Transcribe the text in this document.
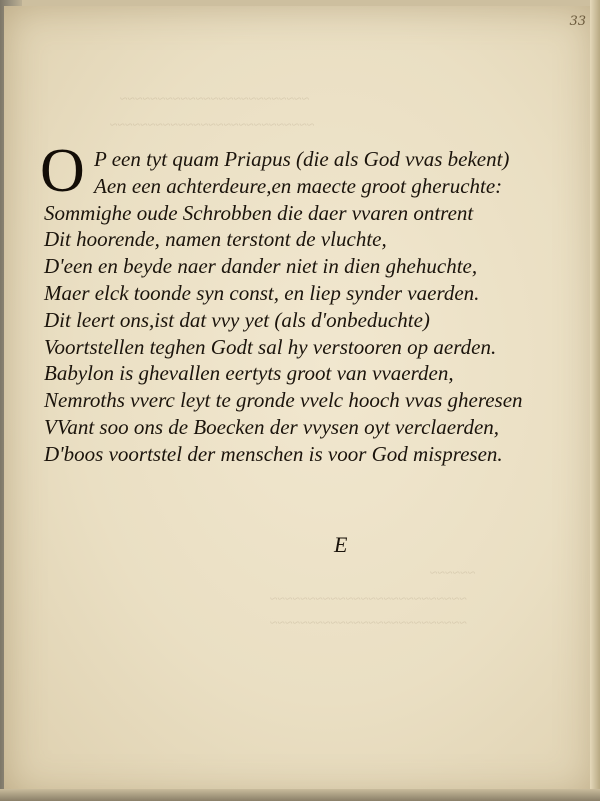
33
~~~~~~~~~~~~~~~~~~~~~~~~~
~~~~~~~~~~~~~~~~~~~~~~~~~~~
~~~~~~
~~~~~~~~~~~~~~~~~~~~~~~~~~
~~~~~~~~~~~~~~~~~~~~~~~~~~
O P een tyt quam Priapus (die als God vvas bekent)
Aen een achterdeure,en maecte groot gheruchte:
Sommighe oude Schrobben die daer vvaren ontrent
Dit hoorende, namen terstont de vluchte,
D'een en beyde naer dander niet in dien ghehuchte,
Maer elck toonde syn const, en liep synder vaerden.
Dit leert ons,ist dat vvy yet (als d'onbeduchte)
Voortstellen teghen Godt sal hy verstooren op aerden.
Babylon is ghevallen eertyts groot van vvaerden,
Nemroths vverc leyt te gronde vvelc hooch vvas gheresen
VVant soo ons de Boecken der vvysen oyt verclaerden,
D'boos voortstel der menschen is voor God mispresen.
E
